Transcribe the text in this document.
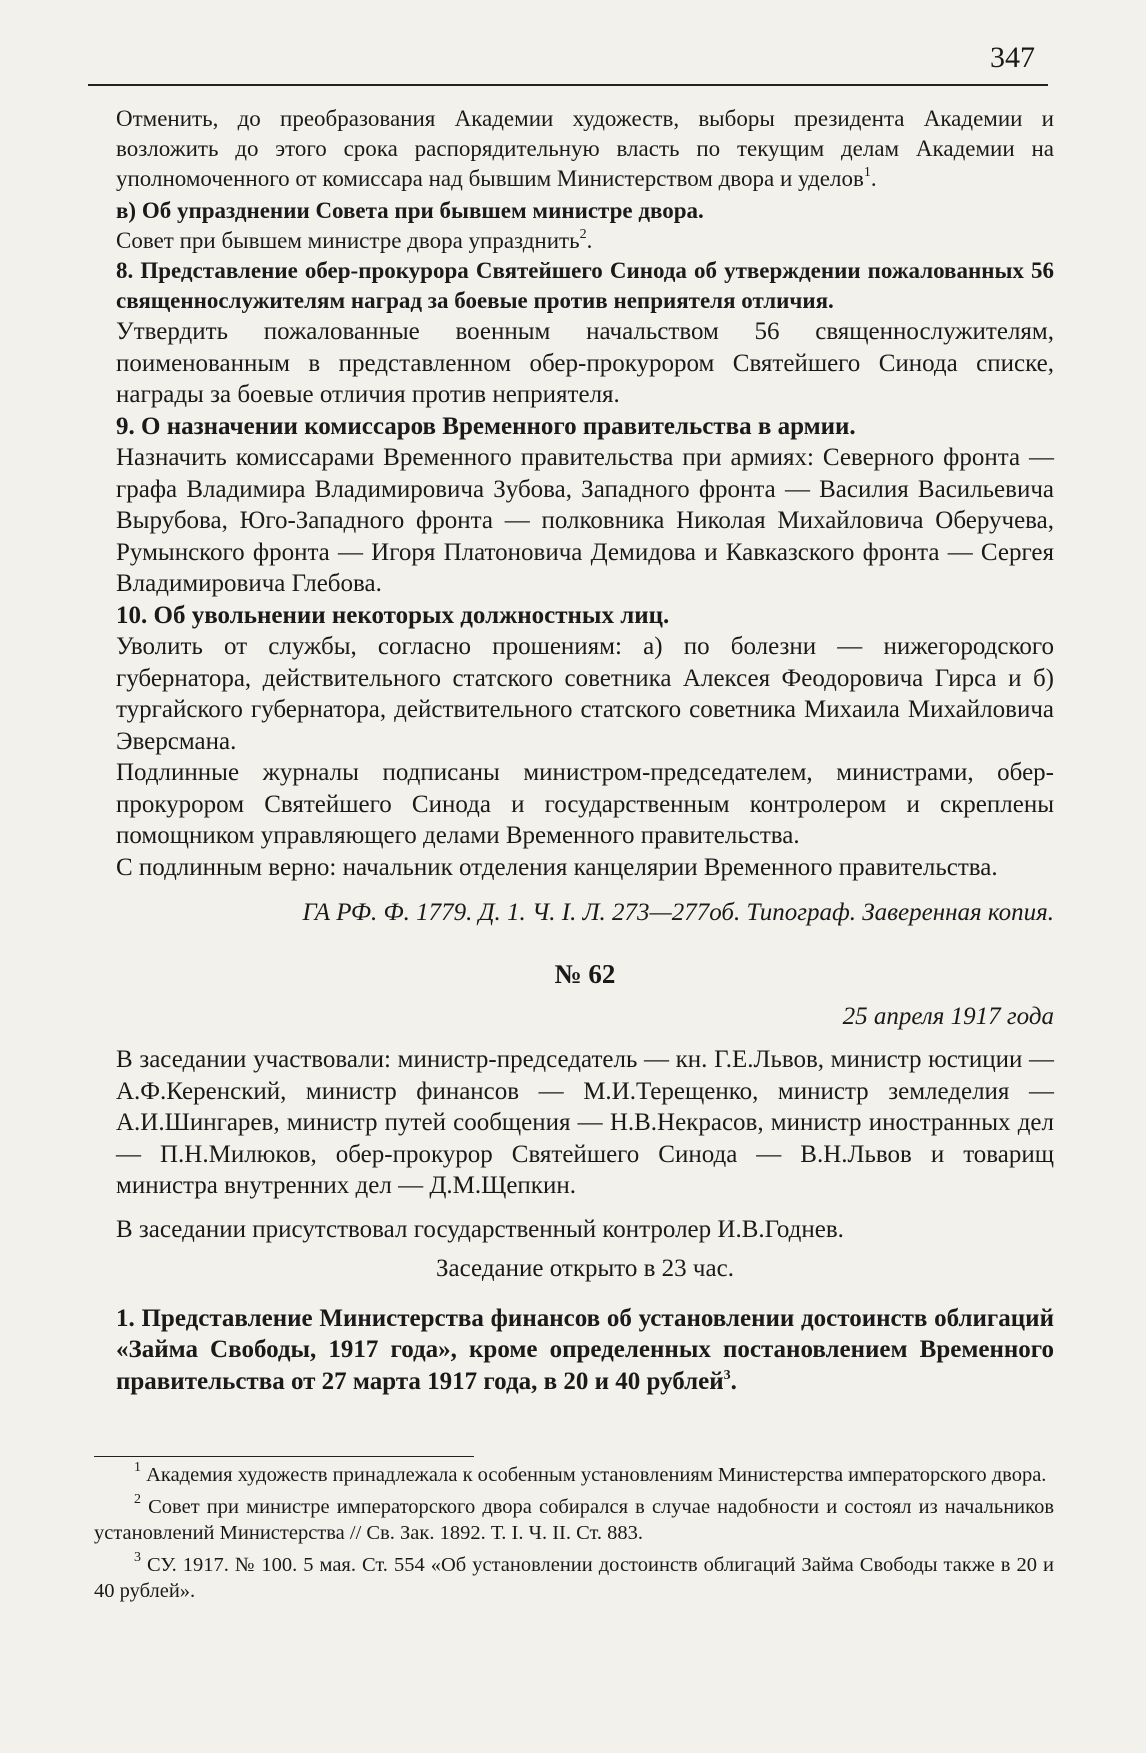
347

Отменить, до преобразования Академии художеств, выборы президента Академии и возложить до этого срока распорядительную власть по текущим делам Академии на уполномоченного от комиссара над бывшим Министерством двора и уделов$^1$.

в) Об упразднении Совета при бывшем министре двора.

Совет при бывшем министре двора упразднить$^2$.

8. Представление обер-прокурора Святейшего Синода об утверждении пожалованных 56 священнослужителям наград за боевые против неприятеля отличия.

Утвердить пожалованные военным начальством 56 священнослужителям, поименованным в представленном обер-прокурором Святейшего Синода списке, награды за боевые отличия против неприятеля.

9. О назначении комиссаров Временного правительства в армии.

Назначить комиссарами Временного правительства при армиях: Северного фронта — графа Владимира Владимировича Зубова, Западного фронта — Василия Васильевича Вырубова, Юго-Западного фронта — полковника Николая Михайловича Оберучева, Румынского фронта — Игоря Платоновича Демидова и Кавказского фронта — Сергея Владимировича Глебова.

10. Об увольнении некоторых должностных лиц.

Уволить от службы, согласно прошениям: а) по болезни — нижегородского губернатора, действительного статского советника Алексея Феодоровича Гирса и б) тургайского губернатора, действительного статского советника Михаила Михайловича Эверсмана.

Подлинные журналы подписаны министром-председателем, министрами, обер-прокурором Святейшего Синода и государственным контролером и скреплены помощником управляющего делами Временного правительства.

С подлинным верно: начальник отделения канцелярии Временного правительства.

ГА РФ. Ф. 1779. Д. 1. Ч. I. Л. 273—277об. Типограф. Заверенная копия.

№ 62

25 апреля 1917 года

В заседании участвовали: министр-председатель — кн. Г.Е.Львов, министр юстиции — А.Ф.Керенский, министр финансов — М.И.Терещенко, министр земледелия — А.И.Шингарев, министр путей сообщения — Н.В.Некрасов, министр иностранных дел — П.Н.Милюков, обер-прокурор Святейшего Синода — В.Н.Львов и товарищ министра внутренних дел — Д.М.Щепкин.

В заседании присутствовал государственный контролер И.В.Годнев.

Заседание открыто в 23 час.

1. Представление Министерства финансов об установлении достоинств облигаций «Займа Свободы, 1917 года», кроме определенных постановлением Временного правительства от 27 марта 1917 года, в 20 и 40 рублей$^3$.

$^1$ Академия художеств принадлежала к особенным установлениям Министерства императорского двора.

$^2$ Совет при министре императорского двора собирался в случае надобности и состоял из начальников установлений Министерства // Св. Зак. 1892. Т. I. Ч. II. Ст. 883.

$^3$ СУ. 1917. № 100. 5 мая. Ст. 554 «Об установлении достоинств облигаций Займа Свободы также в 20 и 40 рублей».
